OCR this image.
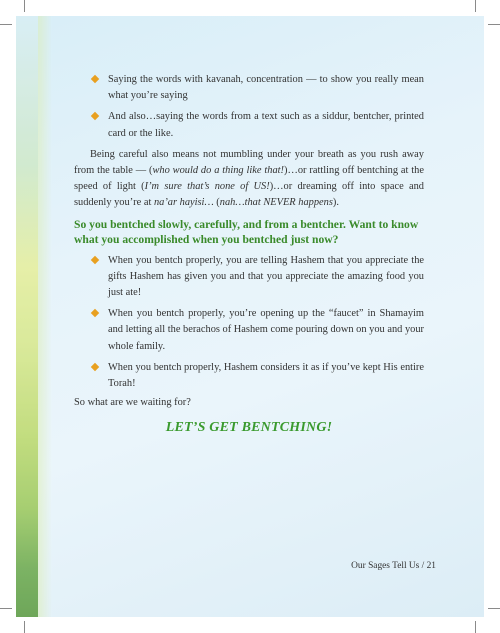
Saying the words with kavanah, concentration — to show you really mean what you’re saying
And also…saying the words from a text such as a siddur, bentcher, printed card or the like.

Being careful also means not mumbling under your breath as you rush away from the table — (who would do a thing like that!)…or rattling off bentching at the speed of light (I’m sure that’s none of US!)…or dreaming off into space and suddenly you’re at na’ar hayisi… (nah…that NEVER happens).

So you bentched slowly, carefully, and from a bentcher. Want to know what you accomplished when you bentched just now?
When you bentch properly, you are telling Hashem that you appreciate the gifts Hashem has given you and that you appreciate the amazing food you just ate!
When you bentch properly, you’re opening up the “faucet” in Shamayim and letting all the berachos of Hashem come pouring down on you and your whole family.
When you bentch properly, Hashem considers it as if you’ve kept His entire Torah!
So what are we waiting for?
LET’S GET BENTCHING!
Our Sages Tell Us / 21
